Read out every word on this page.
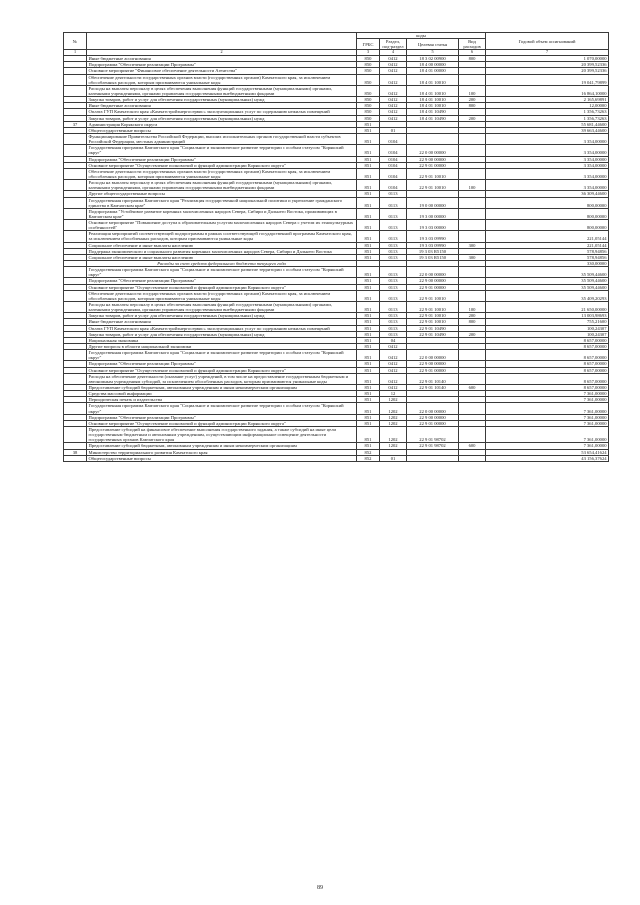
№		коды				Годовой объем ассигнований
		ГРБС	Раздел, под-раздел	Целевая статья	Вид расходов	
1	2	3	4	5	6	7
	Иные бюджетные ассигнования	850	0412	18 3 02 00900	800	1 070,00000
	Подпрограмма "Обеспечение реализации Программы"	850	0412	18 4 00 00000		20 399,52336
	Основное мероприятие "Финансовое обеспечение деятельности Агентства"	850	0412	18 4 01 00000		20 399,52336
	Обеспечение деятельности государственных органов власти (государственных органов) Камчатского края, за исключением обособленных расходов, которым присваиваются уникальные коды	850	0412	18 4 01 10010		19 041,79899
	Расходы на выплаты персоналу в целях обеспечения выполнения функций государственными (муниципальными) органами, казенными учреждениями, органами управления государственными внебюджетными фондами	850	0412	18 4 01 10010	100	16 864,10000
	Закупка товаров, работ и услуг для обеспечения государственных (муниципальных) нужд	850	0412	18 4 01 10010	200	2 165,69891
	Иные бюджетные ассигнования	850	0412	18 4 01 10010	800	12,00000
	Оплата ГУП Камчатского края «Камчатстройэнергосервис» эксплуатационных услуг по содержанию нежилых помещений	850	0412	18 4 01 10490		1 356,73263
	Закупка товаров, работ и услуг для обеспечения государственных (муниципальных) нужд	850	0412	18 4 01 10490	200	1 356,73263
37	Администрация Корякского округа	851				55 681,44600
	Общегосударственные вопросы	851	01			39 663,44600
	Функционирование Правительства Российской Федерации, высших исполнительных органов государственной власти субъектов Российской Федерации, местных администраций	851	0104			3 354,00000
	Государственная программа Камчатского края "Социальное и экономическое развитие территории с особым статусом "Корякский округ"	851	0104	22 0 00 00000		3 354,00000
	Подпрограмма "Обеспечение реализации Программы"	851	0104	22 9 00 00000		3 354,00000
	Основное мероприятие "Осуществление полномочий и функций администрации Корякского округа"	851	0104	22 9 01 00000		3 354,00000
	Обеспечение деятельности государственных органов власти (государственных органов) Камчатского края, за исключением обособленных расходов, которым присваиваются уникальные коды	851	0104	22 9 01 10010		3 354,00000
	Расходы на выплаты персоналу в целях обеспечения выполнения функций государственными (муниципальными) органами, казенными учреждениями, органами управления государственными внебюджетными фондами	851	0104	22 9 01 10010	100	3 354,00000
	Другие общегосударственные вопросы	851	0113			36 309,44600
	Государственная программа Камчатского края "Реализация государственной национальной политики и укрепление гражданского единства в Камчатском крае"	851	0113	19 0 00 00000		800,00000
	Подпрограмма "Устойчивое развитие коренных малочисленных народов Севера, Сибири и Дальнего Востока, проживающих в Камчатском крае"	851	0113	19 3 00 00000		800,00000
	Основное мероприятие "Повышение доступа к образовательным услугам малочисленных народов Севера с учетом их этнокультурных особенностей"	851	0113	19 3 03 00000		800,00000
	Реализация мероприятий соответствующей подпрограммы в рамках соответствующей государственной программы Камчатского края, за исключением обособленных расходов, которым присваиваются уникальные коды	851	0113	19 3 03 09990		221,05144
	Социальное обеспечение и иные выплаты населению	851	0113	19 3 03 09990	300	221,05144
	Поддержка экономического и социального развития коренных малочисленных народов Севера, Сибири и Дальнего Востока	851	0113	19 3 03 R5150		578,94856
	Социальное обеспечение и иные выплаты населению	851	0113	19 3 03 R5150	300	578,94856
	Расходы за счет средств федерального бюджета текущего года					330,00000
	Государственная программа Камчатского края "Социальное и экономическое развитие территории с особым статусом "Корякский округ"	851	0113	22 0 00 00000		35 509,44600
	Подпрограмма "Обеспечение реализации Программы"	851	0113	22 9 00 00000		35 509,44600
	Основное мероприятие "Осуществление полномочий и функций администрации Корякского округа"	851	0113	22 9 01 00000		35 509,44600
	Обеспечение деятельности государственных органов власти (государственных органов) Камчатского края, за исключением обособленных расходов, которым присваиваются уникальные коды	851	0113	22 9 01 10010		35 409,20293
	Расходы на выплаты персоналу в целях обеспечения выполнения функций государственными (муниципальными) органами, казенными учреждениями, органами управления государственными внебюджетными фондами	851	0113	22 9 01 10010	100	21 650,00000
	Закупка товаров, работ и услуг для обеспечения государственных (муниципальных) нужд	851	0113	22 9 01 10010	200	13 003,98693
	Иные бюджетные ассигнования	851	0113	22 9 01 10010	800	755,21600
	Оплата ГУП Камчатского края «Камчатстройэнергосервис» эксплуатационных услуг по содержанию нежилых помещений	851	0113	22 9 01 10490		100,24307
	Закупка товаров, работ и услуг для обеспечения государственных (муниципальных) нужд	851	0113	22 9 01 10490	200	100,24307
	Национальная экономика	851	04			8 657,00000
	Другие вопросы в области национальной экономики	851	0412			8 657,00000
	Государственная программа Камчатского края "Социальное и экономическое развитие территории с особым статусом "Корякский округ"	851	0412	22 0 00 00000		8 657,00000
	Подпрограмма "Обеспечение реализации Программы"	851	0412	22 9 00 00000		8 657,00000
	Основное мероприятие "Осуществление полномочий и функций администрации Корякского округа"	851	0412	22 9 01 00000		8 657,00000
	Расходы на обеспечение деятельности (оказание услуг) учреждений, в том числе на предоставление государственным бюджетным и автономным учреждениям субсидий, за исключением обособленных расходов, которым присваиваются уникальные коды	851	0412	22 9 01 10140		8 657,00000
	Предоставление субсидий бюджетным, автономным учреждениям и иным некоммерческим организациям	851	0412	22 9 01 10140	600	8 657,00000
	Средства массовой информации	851	12			7 361,00000
	Периодическая печать и издательства	851	1202			7 361,00000
	Государственная программа Камчатского края "Социальное и экономическое развитие территории с особым статусом "Корякский округ"	851	1202	22 0 00 00000		7 361,00000
	Подпрограмма "Обеспечение реализации Программы"	851	1202	22 9 00 00000		7 361,00000
	Основное мероприятие "Осуществление полномочий и функций администрации Корякского округа"	851	1202	22 9 01 00000		7 361,00000
	Предоставление субсидий на финансовое обеспечение выполнения государственного задания, а также субсидий на иные цели государственным бюджетным и автономным учреждениям, осуществляющим информационное освещение деятельности государственных органов Камчатского края	851	1202	22 9 01 98702		7 361,00000
	Предоставление субсидий бюджетным, автономным учреждениям и иным некоммерческим организациям	851	1202	22 9 01 98702	600	7 361,00000
38	Министерство территориального развития Камчатского края	852				53 654,41624
	Общегосударственные вопросы	852	01			43 156,37624
89
